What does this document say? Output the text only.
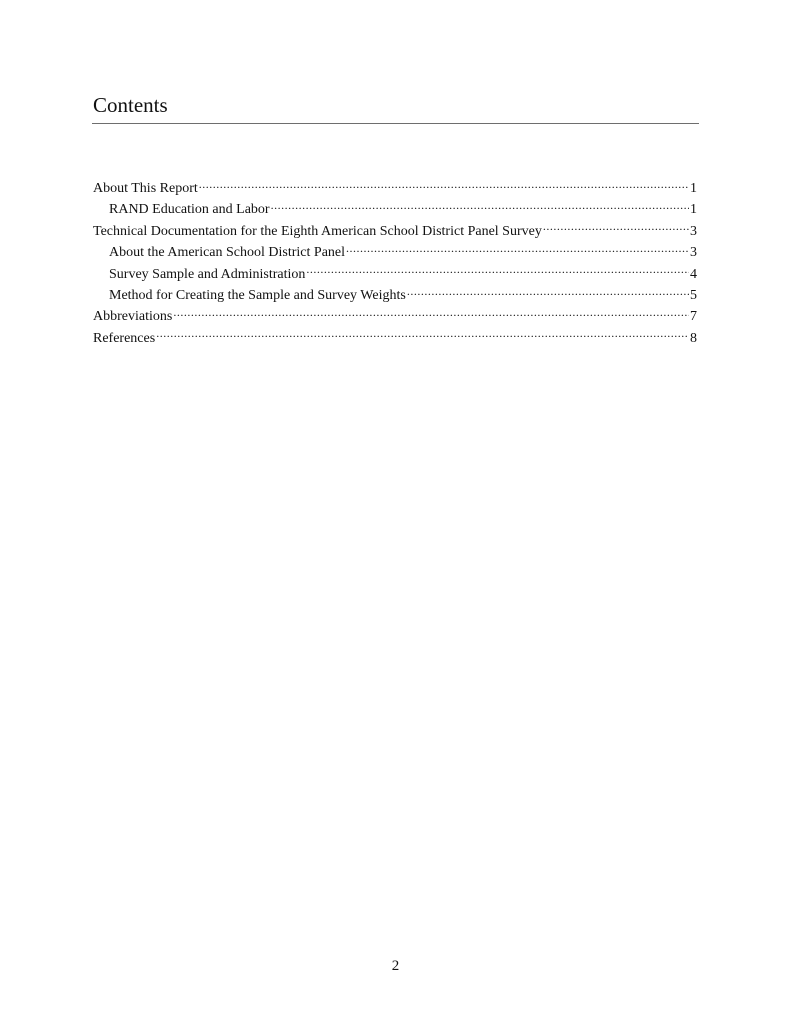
Contents
About This Report .....	1
RAND Education and Labor .....	1
Technical Documentation for the Eighth American School District Panel Survey .....	3
About the American School District Panel .....	3
Survey Sample and Administration .....	4
Method for Creating the Sample and Survey Weights .....	5
Abbreviations .....	7
References .....	8
2
